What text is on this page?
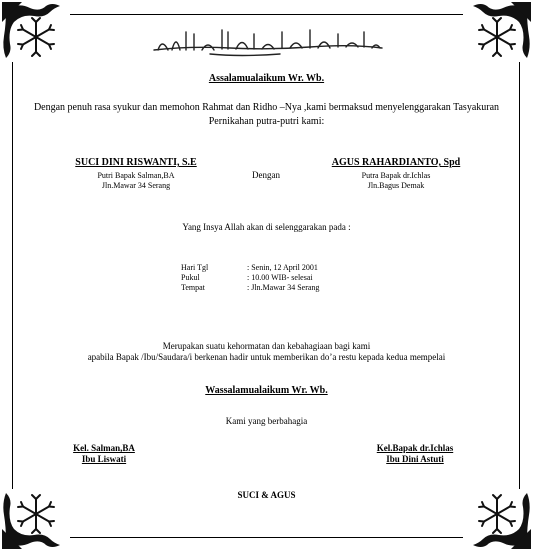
Assalamualaikum Wr. Wb.
Dengan penuh rasa syukur dan memohon Rahmat dan Ridho –Nya ,kami bermaksud menyelenggarakan Tasyakuran
Pernikahan putra-putri kami:
SUCI DINI RISWANTI, S.E
Putri Bapak Salman,BA
Jln.Mawar 34 Serang
Dengan
AGUS RAHARDIANTO, Spd
Putra Bapak dr.Ichlas
Jln.Bagus Demak
Yang Insya Allah akan di selenggarakan pada :
Hari Tgl	: Senin, 12 April 2001
Pukul	: 10.00 WIB- selesai
Tempat	: Jln.Mawar 34 Serang
Merupakan suatu kehormatan dan kebahagiaan bagi kami
apabila Bapak /Ibu/Saudara/i berkenan hadir untuk memberikan do’a restu kepada kedua mempelai
Wassalamualaikum Wr. Wb.
Kami yang berbahagia
Kel. Salman,BA
Ibu Liswati
Kel.Bapak dr.Ichlas
Ibu Dini Astuti
SUCI & AGUS
